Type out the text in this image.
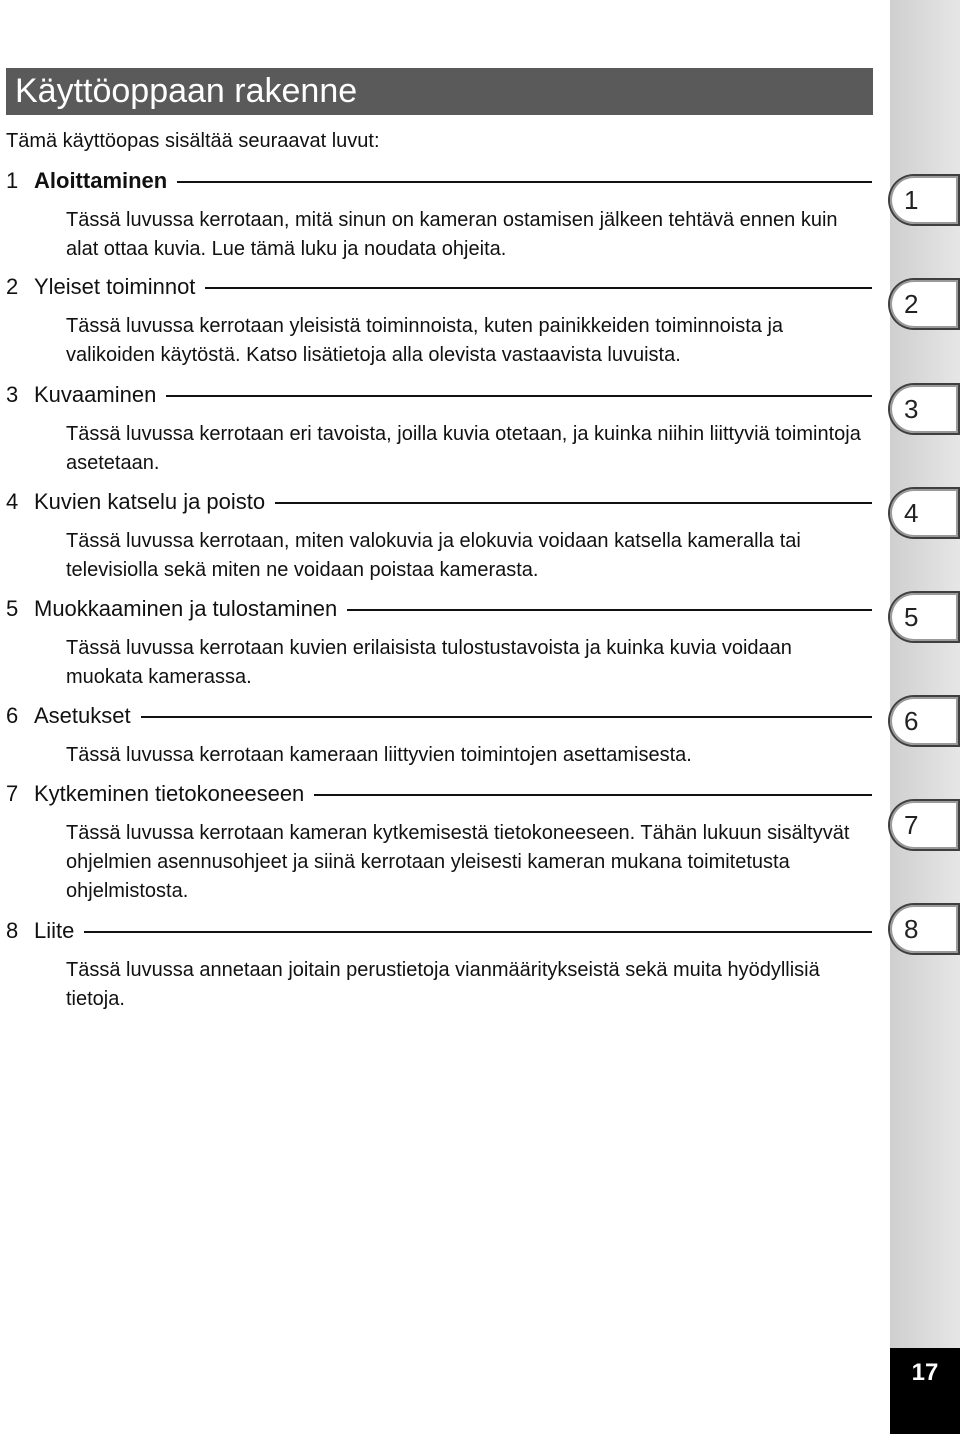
Käyttöoppaan rakenne
Tämä käyttöopas sisältää seuraavat luvut:
1 Aloittaminen
Tässä luvussa kerrotaan, mitä sinun on kameran ostamisen jälkeen tehtävä ennen kuin alat ottaa kuvia. Lue tämä luku ja noudata ohjeita.
2 Yleiset toiminnot
Tässä luvussa kerrotaan yleisistä toiminnoista, kuten painikkeiden toiminnoista ja valikoiden käytöstä. Katso lisätietoja alla olevista vastaavista luvuista.
3 Kuvaaminen
Tässä luvussa kerrotaan eri tavoista, joilla kuvia otetaan, ja kuinka niihin liittyviä toimintoja asetetaan.
4 Kuvien katselu ja poisto
Tässä luvussa kerrotaan, miten valokuvia ja elokuvia voidaan katsella kameralla tai televisiolla sekä miten ne voidaan poistaa kamerasta.
5 Muokkaaminen ja tulostaminen
Tässä luvussa kerrotaan kuvien erilaisista tulostustavoista ja kuinka kuvia voidaan muokata kamerassa.
6 Asetukset
Tässä luvussa kerrotaan kameraan liittyvien toimintojen asettamisesta.
7 Kytkeminen tietokoneeseen
Tässä luvussa kerrotaan kameran kytkemisestä tietokoneeseen. Tähän lukuun sisältyvät ohjelmien asennusohjeet ja siinä kerrotaan yleisesti kameran mukana toimitetusta ohjelmistosta.
8 Liite
Tässä luvussa annetaan joitain perustietoja vianmääritykseistä sekä muita hyödyllisiä tietoja.
1
2
3
4
5
6
7
8
17
